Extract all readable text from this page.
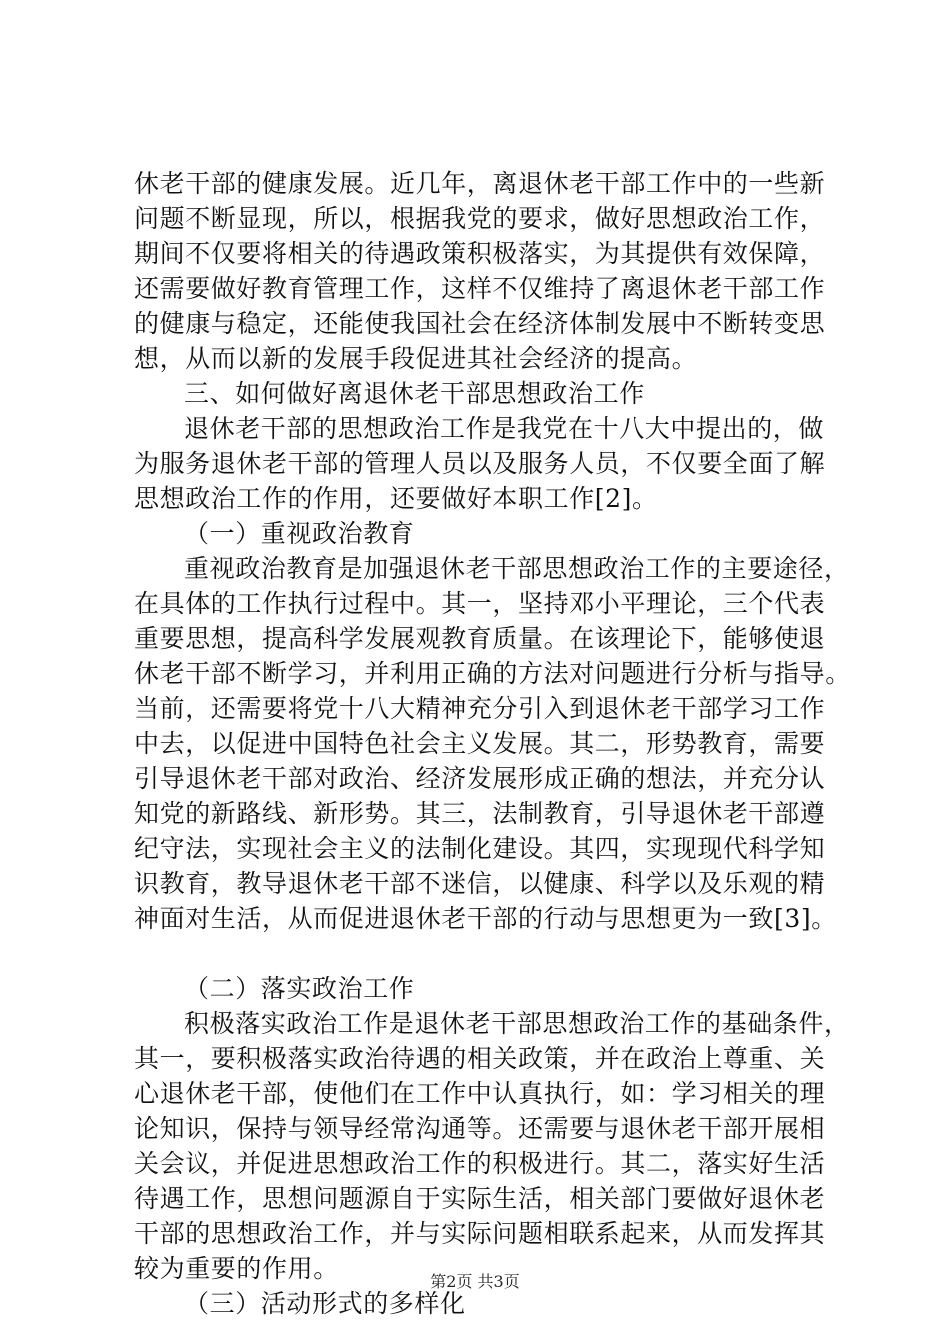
休老干部的健康发展。近几年，离退休老干部工作中的一些新
问题不断显现，所以，根据我党的要求，做好思想政治工作，
期间不仅要将相关的待遇政策积极落实，为其提供有效保障，
还需要做好教育管理工作，这样不仅维持了离退休老干部工作
的健康与稳定，还能使我国社会在经济体制发展中不断转变思
想，从而以新的发展手段促进其社会经济的提高。
三、如何做好离退休老干部思想政治工作
退休老干部的思想政治工作是我党在十八大中提出的，做
为服务退休老干部的管理人员以及服务人员，不仅要全面了解
思想政治工作的作用，还要做好本职工作[2]。
（一）重视政治教育
重视政治教育是加强退休老干部思想政治工作的主要途径，
在具体的工作执行过程中。其一，坚持邓小平理论，三个代表
重要思想，提高科学发展观教育质量。在该理论下，能够使退
休老干部不断学习，并利用正确的方法对问题进行分析与指导。
当前，还需要将党十八大精神充分引入到退休老干部学习工作
中去，以促进中国特色社会主义发展。其二，形势教育，需要
引导退休老干部对政治、经济发展形成正确的想法，并充分认
知党的新路线、新形势。其三，法制教育，引导退休老干部遵
纪守法，实现社会主义的法制化建设。其四，实现现代科学知
识教育，教导退休老干部不迷信，以健康、科学以及乐观的精
神面对生活，从而促进退休老干部的行动与思想更为一致[3]。
（二）落实政治工作
积极落实政治工作是退休老干部思想政治工作的基础条件，
其一，要积极落实政治待遇的相关政策，并在政治上尊重、关
心退休老干部，使他们在工作中认真执行，如：学习相关的理
论知识，保持与领导经常沟通等。还需要与退休老干部开展相
关会议，并促进思想政治工作的积极进行。其二，落实好生活
待遇工作，思想问题源自于实际生活，相关部门要做好退休老
干部的思想政治工作，并与实际问题相联系起来，从而发挥其
较为重要的作用。
（三）活动形式的多样化
第2页 共3页
